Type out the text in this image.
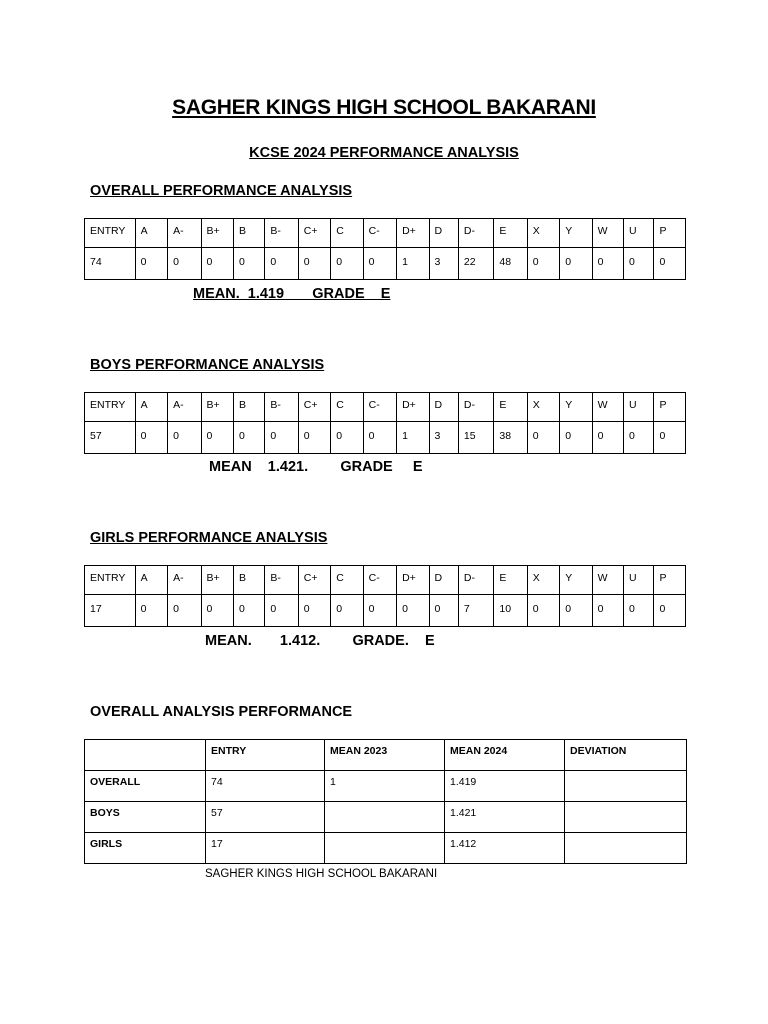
SAGHER KINGS HIGH SCHOOL BAKARANI
KCSE 2024 PERFORMANCE ANALYSIS
OVERALL PERFORMANCE ANALYSIS
ENTRY	A	A-	B+	B	B-	C+	C	C-	D+	D	D-	E	X	Y	W	U	P
74	0	0	0	0	0	0	0	0	1	3	22	48	0	0	0	0	0
MEAN.  1.419       GRADE    E
BOYS PERFORMANCE ANALYSIS
ENTRY	A	A-	B+	B	B-	C+	C	C-	D+	D	D-	E	X	Y	W	U	P
57	0	0	0	0	0	0	0	0	1	3	15	38	0	0	0	0	0
MEAN    1.421.        GRADE     E
GIRLS PERFORMANCE ANALYSIS
ENTRY	A	A-	B+	B	B-	C+	C	C-	D+	D	D-	E	X	Y	W	U	P
17	0	0	0	0	0	0	0	0	0	0	7	10	0	0	0	0	0
MEAN.       1.412.        GRADE.    E
OVERALL ANALYSIS PERFORMANCE
	ENTRY	MEAN 2023	MEAN 2024	DEVIATION
OVERALL	74	1	1.419	
BOYS	57		1.421	
GIRLS	17		1.412	
SAGHER KINGS HIGH SCHOOL BAKARANI
